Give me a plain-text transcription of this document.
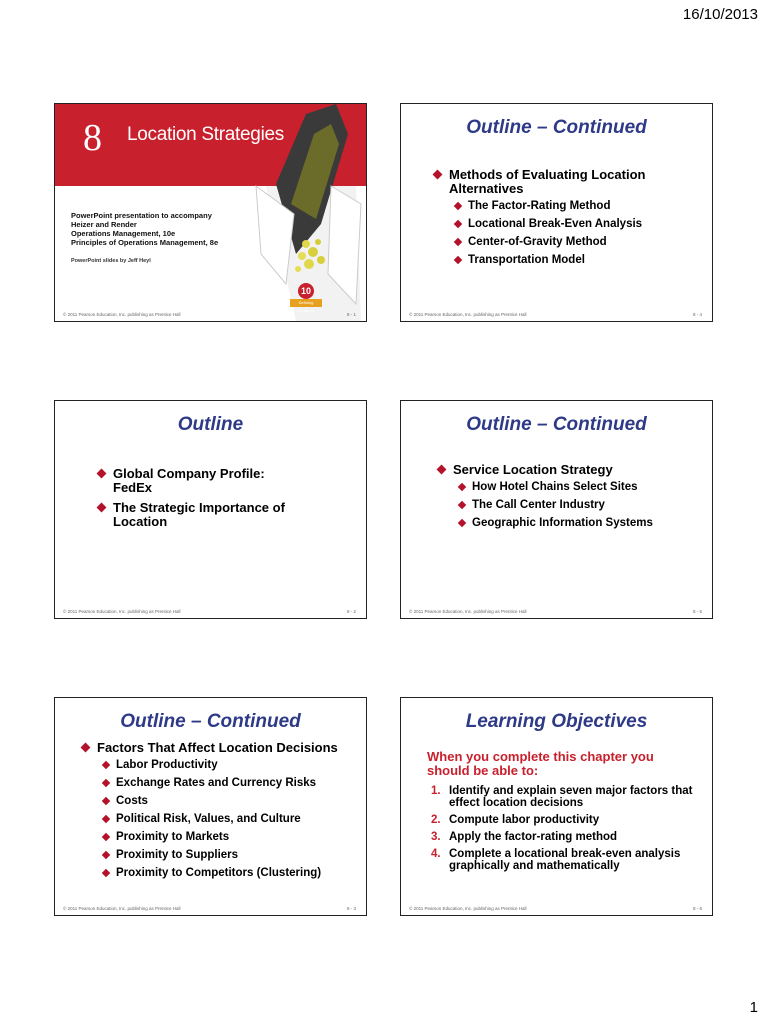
16/10/2013
8 Location Strategies
PowerPoint presentation to accompany
Heizer and Render
Operations Management, 10e
Principles of Operations Management, 8e
PowerPoint slides by Jeff Heyl
10
Defining Decisions
© 2011 Pearson Education, Inc. publishing as Prentice Hall	8 - 1
Outline – Continued
Methods of Evaluating Location Alternatives
The Factor-Rating Method
Locational Break-Even Analysis
Center-of-Gravity Method
Transportation Model
© 2011 Pearson Education, Inc. publishing as Prentice Hall	8 - 4
Outline
Global Company Profile: FedEx
The Strategic Importance of Location
© 2011 Pearson Education, Inc. publishing as Prentice Hall	8 - 2
Outline – Continued
Service Location Strategy
How Hotel Chains Select Sites
The Call Center Industry
Geographic Information Systems
© 2011 Pearson Education, Inc. publishing as Prentice Hall	8 - 5
Outline – Continued
Factors That Affect Location Decisions
Labor Productivity
Exchange Rates and Currency Risks
Costs
Political Risk, Values, and Culture
Proximity to Markets
Proximity to Suppliers
Proximity to Competitors (Clustering)
© 2011 Pearson Education, Inc. publishing as Prentice Hall	8 - 3
Learning Objectives
When you complete this chapter you should be able to:
1. Identify and explain seven major factors that effect location decisions
2. Compute labor productivity
3. Apply the factor-rating method
4. Complete a locational break-even analysis graphically and mathematically
© 2011 Pearson Education, Inc. publishing as Prentice Hall	8 - 6
1
